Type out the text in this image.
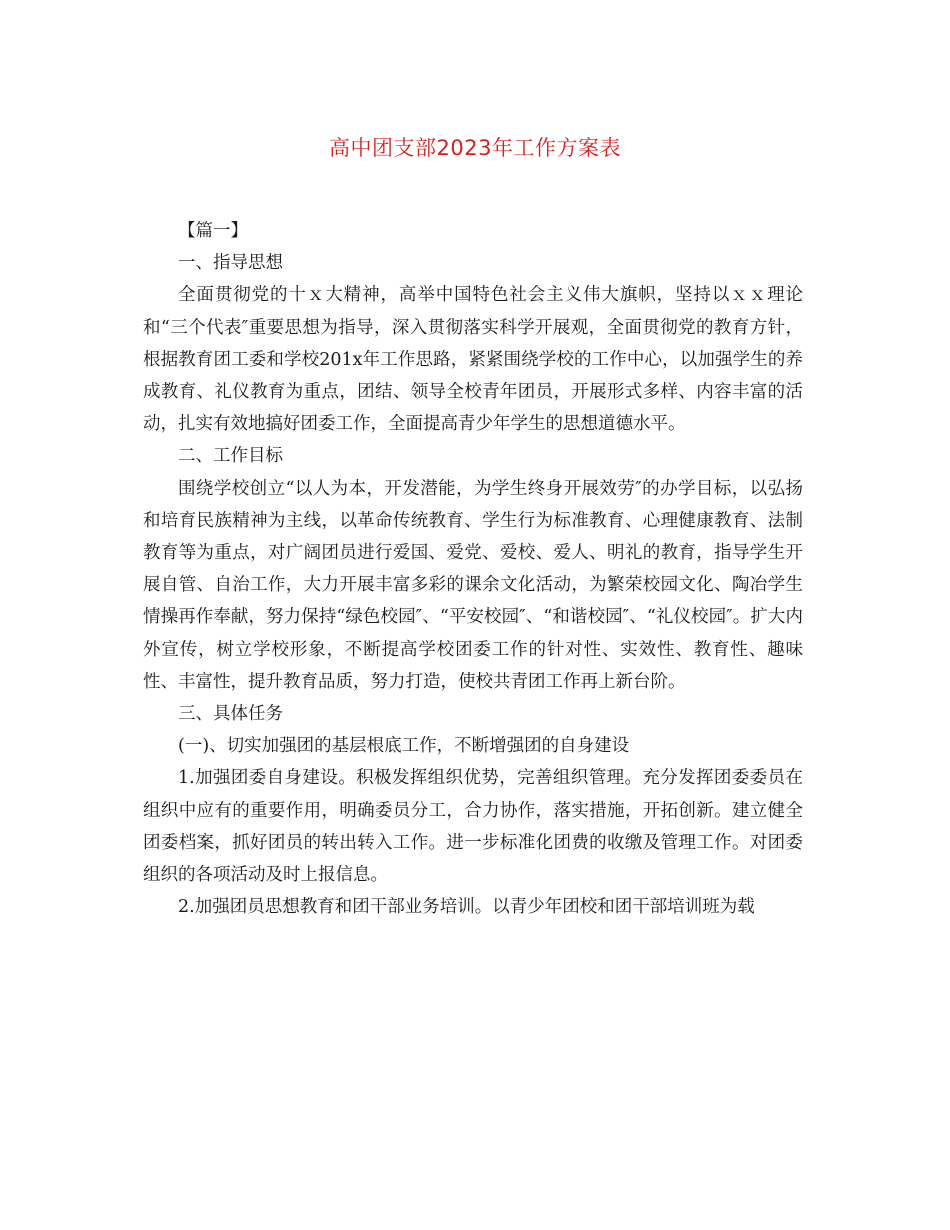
高中团支部2023年工作方案表

【篇一】

一、指导思想

全面贯彻党的十ｘ大精神，高举中国特色社会主义伟大旗帜，坚持以ｘｘ理论和“三个代表″重要思想为指导，深入贯彻落实科学开展观，全面贯彻党的教育方针，根据教育团工委和学校201x年工作思路，紧紧围绕学校的工作中心，以加强学生的养成教育、礼仪教育为重点，团结、领导全校青年团员，开展形式多样、内容丰富的活动，扎实有效地搞好团委工作，全面提高青少年学生的思想道德水平。

二、工作目标

围绕学校创立“以人为本，开发潜能，为学生终身开展效劳″的办学目标，以弘扬和培育民族精神为主线，以革命传统教育、学生行为标准教育、心理健康教育、法制教育等为重点，对广阔团员进行爱国、爱党、爱校、爱人、明礼的教育，指导学生开展自管、自治工作，大力开展丰富多彩的课余文化活动，为繁荣校园文化、陶冶学生情操再作奉献，努力保持“绿色校园″、“平安校园″、“和谐校园″、“礼仪校园″。扩大内外宣传，树立学校形象，不断提高学校团委工作的针对性、实效性、教育性、趣味性、丰富性，提升教育品质，努力打造，使校共青团工作再上新台阶。

三、具体任务

(一)、切实加强团的基层根底工作，不断增强团的自身建设

1.加强团委自身建设。积极发挥组织优势，完善组织管理。充分发挥团委委员在组织中应有的重要作用，明确委员分工，合力协作，落实措施，开拓创新。建立健全团委档案，抓好团员的转出转入工作。进一步标准化团费的收缴及管理工作。对团委组织的各项活动及时上报信息。

2.加强团员思想教育和团干部业务培训。以青少年团校和团干部培训班为载
